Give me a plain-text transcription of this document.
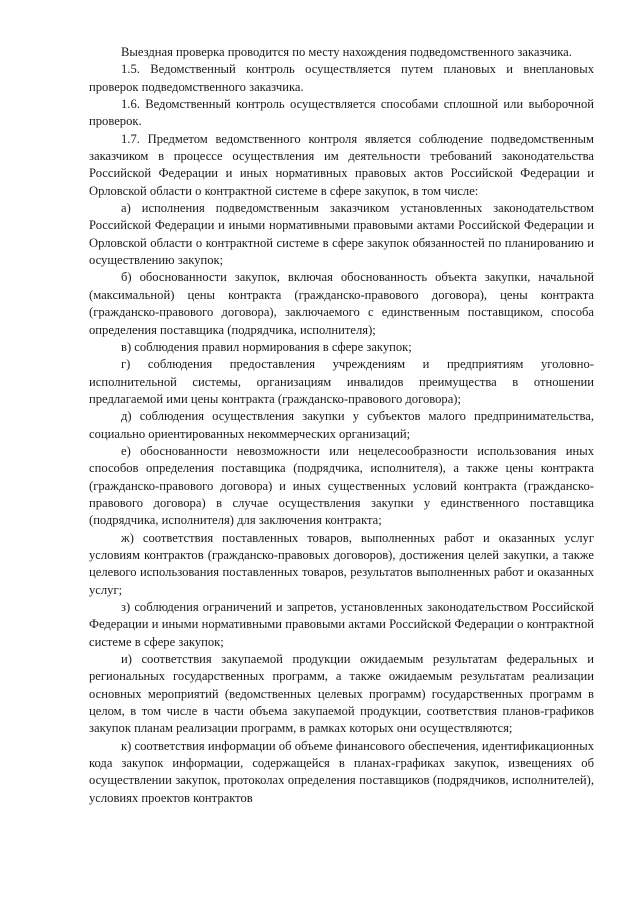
Выездная проверка проводится по месту нахождения подведомственного заказчика.

1.5. Ведомственный контроль осуществляется путем плановых и внеплановых проверок подведомственного заказчика.

1.6. Ведомственный контроль осуществляется способами сплошной или выборочной проверок.

1.7. Предметом ведомственного контроля является соблюдение подведомственным заказчиком в процессе осуществления им деятельности требований законодательства Российской Федерации и иных нормативных правовых актов Российской Федерации и Орловской области о контрактной системе в сфере закупок, в том числе:

а) исполнения подведомственным заказчиком установленных законодательством Российской Федерации и иными нормативными правовыми актами Российской Федерации и Орловской области о контрактной системе в сфере закупок обязанностей по планированию и осуществлению закупок;

б) обоснованности закупок, включая обоснованность объекта закупки, начальной (максимальной) цены контракта (гражданско-правового договора), цены контракта (гражданско-правового договора), заключаемого с единственным поставщиком, способа определения поставщика (подрядчика, исполнителя);

в) соблюдения правил нормирования в сфере закупок;

г) соблюдения предоставления учреждениям и предприятиям уголовно-исполнительной системы, организациям инвалидов преимущества в отношении предлагаемой ими цены контракта (гражданско-правового договора);

д) соблюдения осуществления закупки у субъектов малого предпринимательства, социально ориентированных некоммерческих организаций;

е) обоснованности невозможности или нецелесообразности использования иных способов определения поставщика (подрядчика, исполнителя), а также цены контракта (гражданско-правового договора) и иных существенных условий контракта (гражданско-правового договора) в случае осуществления закупки у единственного поставщика (подрядчика, исполнителя) для заключения контракта;

ж) соответствия поставленных товаров, выполненных работ и оказанных услуг условиям контрактов (гражданско-правовых договоров), достижения целей закупки, а также целевого использования поставленных товаров, результатов выполненных работ и оказанных услуг;

з) соблюдения ограничений и запретов, установленных законодательством Российской Федерации и иными нормативными правовыми актами Российской Федерации о контрактной системе в сфере закупок;

и) соответствия закупаемой продукции ожидаемым результатам федеральных и региональных государственных программ, а также ожидаемым результатам реализации основных мероприятий (ведомственных целевых программ) государственных программ в целом, в том числе в части объема закупаемой продукции, соответствия планов-графиков закупок планам реализации программ, в рамках которых они осуществляются;

к) соответствия информации об объеме финансового обеспечения, идентификационных кода закупок информации, содержащейся в планах-графиках закупок, извещениях об осуществлении закупок, протоколах определения поставщиков (подрядчиков, исполнителей), условиях проектов контрактов
